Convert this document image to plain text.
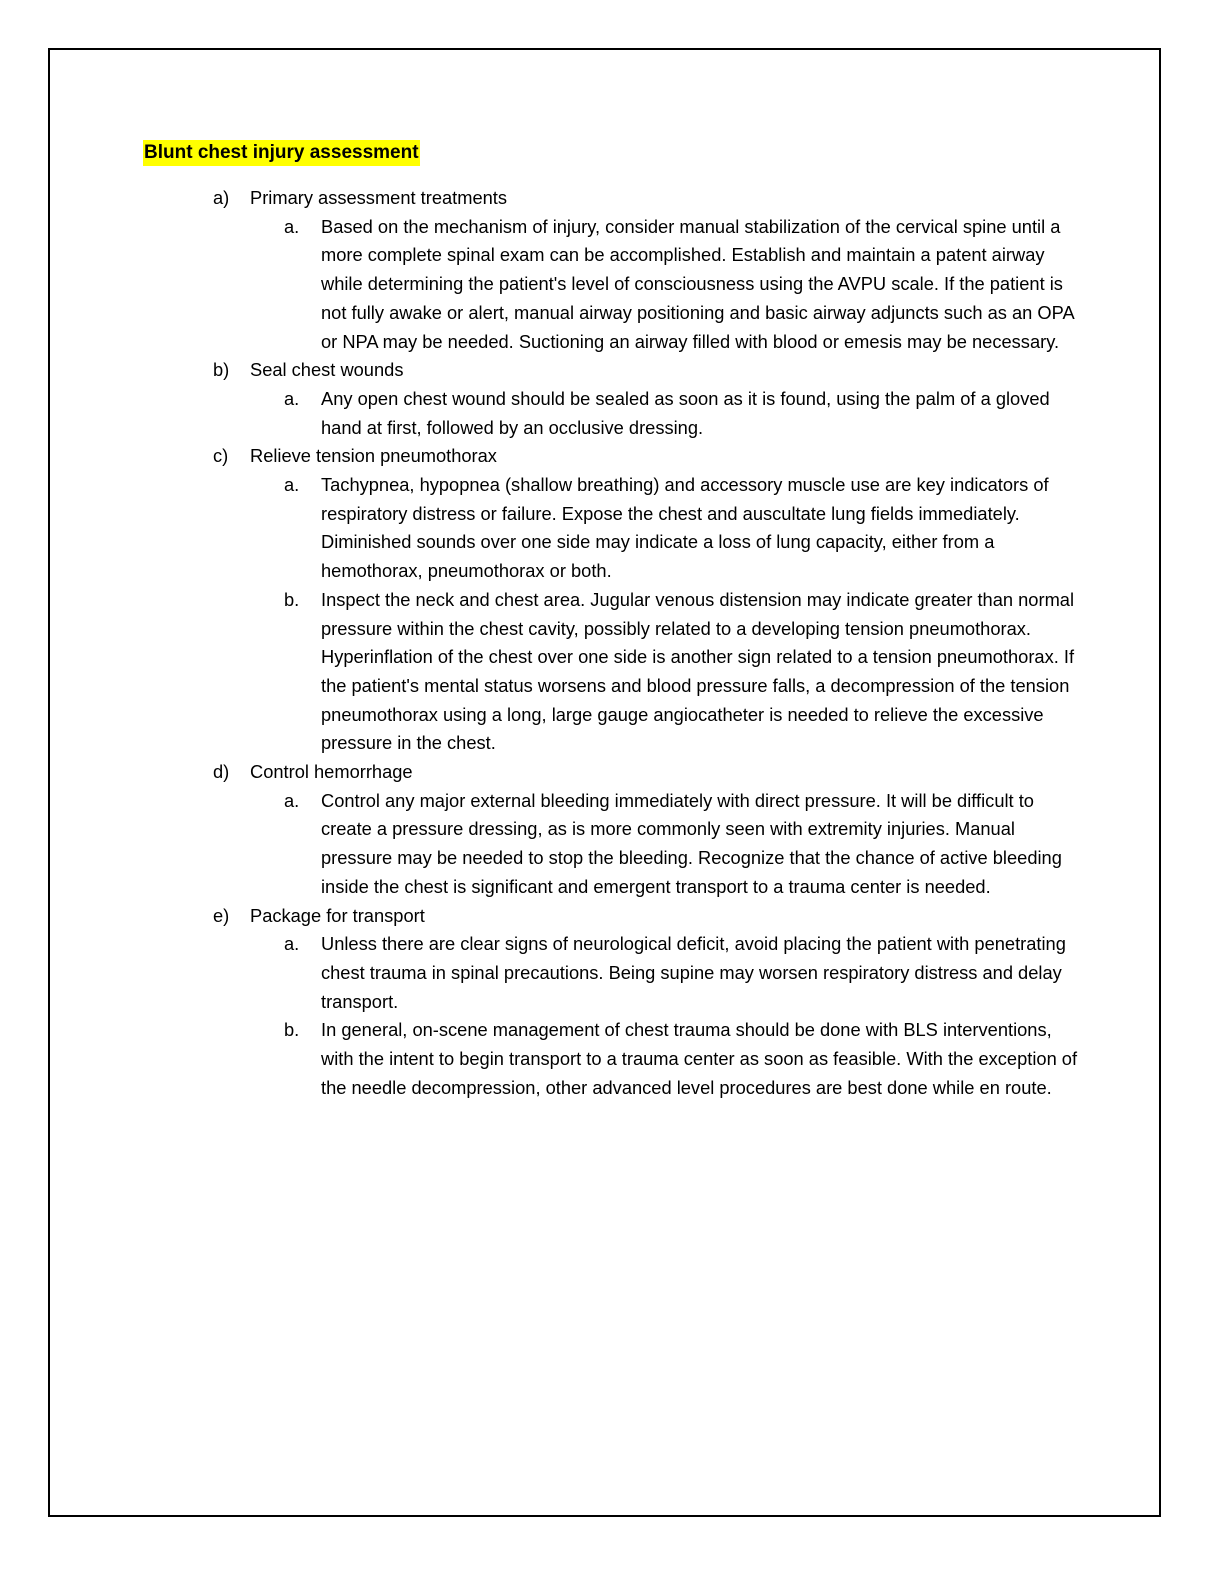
Blunt chest injury assessment
a) Primary assessment treatments
a. Based on the mechanism of injury, consider manual stabilization of the cervical spine until a more complete spinal exam can be accomplished. Establish and maintain a patent airway while determining the patient's level of consciousness using the AVPU scale. If the patient is not fully awake or alert, manual airway positioning and basic airway adjuncts such as an OPA or NPA may be needed. Suctioning an airway filled with blood or emesis may be necessary.
b) Seal chest wounds
a. Any open chest wound should be sealed as soon as it is found, using the palm of a gloved hand at first, followed by an occlusive dressing.
c) Relieve tension pneumothorax
a. Tachypnea, hypopnea (shallow breathing) and accessory muscle use are key indicators of respiratory distress or failure. Expose the chest and auscultate lung fields immediately. Diminished sounds over one side may indicate a loss of lung capacity, either from a hemothorax, pneumothorax or both.
b. Inspect the neck and chest area. Jugular venous distension may indicate greater than normal pressure within the chest cavity, possibly related to a developing tension pneumothorax. Hyperinflation of the chest over one side is another sign related to a tension pneumothorax. If the patient's mental status worsens and blood pressure falls, a decompression of the tension pneumothorax using a long, large gauge angiocatheter is needed to relieve the excessive pressure in the chest.
d) Control hemorrhage
a. Control any major external bleeding immediately with direct pressure. It will be difficult to create a pressure dressing, as is more commonly seen with extremity injuries. Manual pressure may be needed to stop the bleeding. Recognize that the chance of active bleeding inside the chest is significant and emergent transport to a trauma center is needed.
e) Package for transport
a. Unless there are clear signs of neurological deficit, avoid placing the patient with penetrating chest trauma in spinal precautions. Being supine may worsen respiratory distress and delay transport.
b. In general, on-scene management of chest trauma should be done with BLS interventions, with the intent to begin transport to a trauma center as soon as feasible. With the exception of the needle decompression, other advanced level procedures are best done while en route.
